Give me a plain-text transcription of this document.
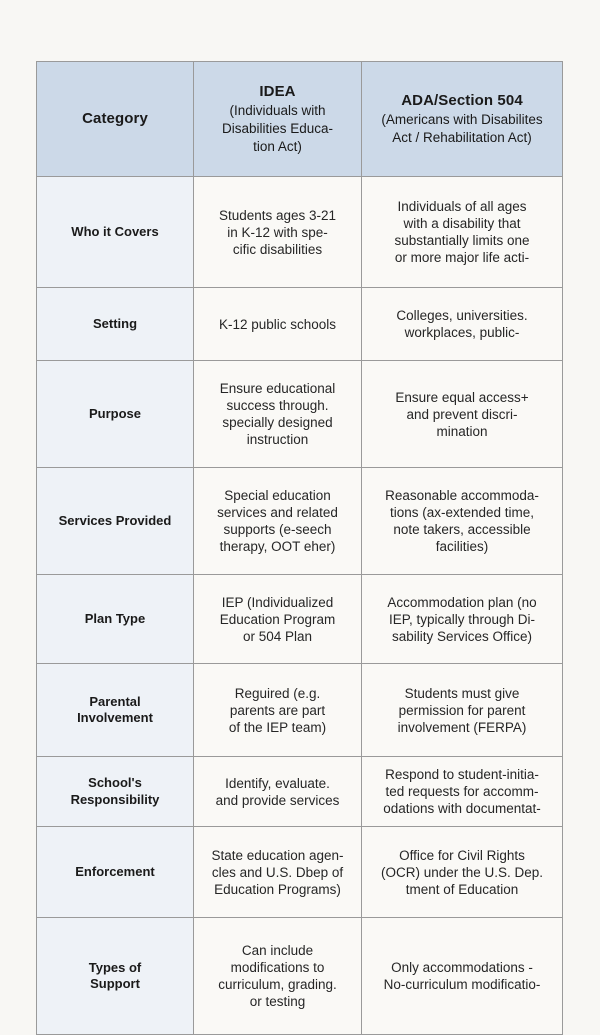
Category	IDEA
(Individuals with
Disabilities Educa-
tion Act)	ADA/Section 504
(Americans with Disabilites
Act / Rehabilitation Act)

Who it Covers	Students ages 3-21
in K-12 with spe-
cific disabilities	Individuals of all ages
with a disability that
substantially limits one
or more major life acti-

Setting	K-12 public schools	Colleges, universities.
workplaces, public-

Purpose	Ensure educational
success through.
specially designed
instruction	Ensure equal access+
and prevent discri-
mination

Services Provided	Special education
services and related
supports (e-seech
therapy, OOT eher)	Reasonable accommoda-
tions (ax-extended time,
note takers, accessible
facilities)

Plan Type	IEP (Individualized
Education Program
or 504 Plan	Accommodation plan (no
IEP, typically through Di-
sability Services Office)

Parental
Involvement	Reguired (e.g.
parents are part
of the IEP team)	Students must give
permission for parent
involvement (FERPA)

School's
Responsibility	Identify, evaluate.
and provide services	Respond to student-initia-
ted requests for accomm-
odations with documentat-

Enforcement	State education agen-
cles and U.S. Dbep of
Education Programs)	Office for Civil Rights
(OCR) under the U.S. Dep.
tment of Education

Types of
Support	Can include
modifications to
curriculum, grading.
or testing	Only accommodations -
No-curriculum modificatio-
